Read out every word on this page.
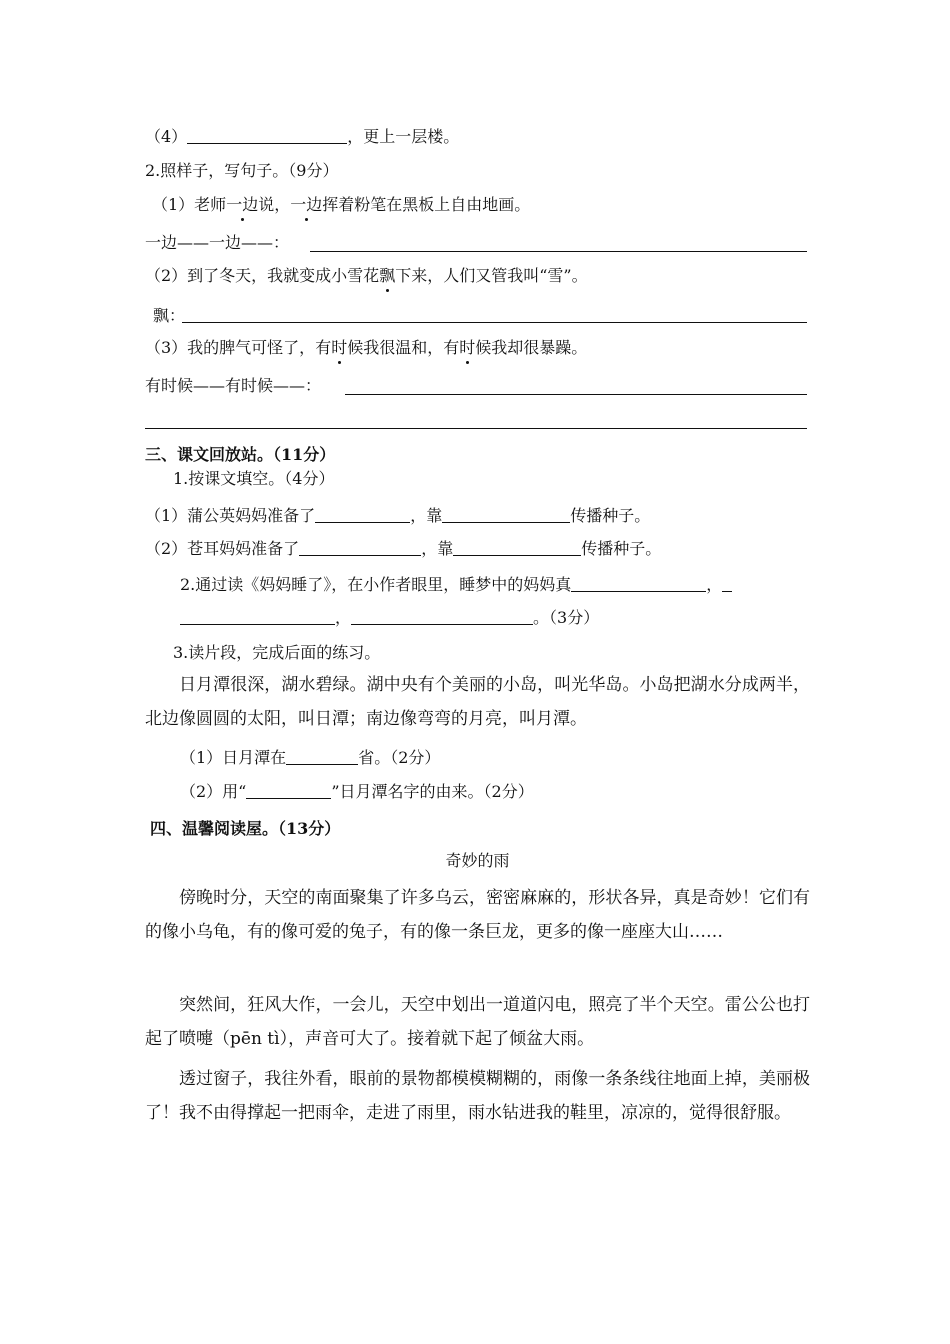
（4）	，更上一层楼。
2.照样子，写句子。（9分）
（1）老师一边说，一边挥着粉笔在黑板上自由地画。
一边——一边——：
（2）到了冬天，我就变成小雪花飘下来，人们又管我叫“雪”。
飘：
（3）我的脾气可怪了，有时候我很温和，有时候我却很暴躁。
有时候——有时候——：
三、课文回放站。（11分）
1.按课文填空。（4分）
（1）蒲公英妈妈准备了	，靠	传播种子。
（2）苍耳妈妈准备了	，靠	传播种子。
2.通过读《妈妈睡了》，在小作者眼里，睡梦中的妈妈真	，
，	。（3分）
3.读片段，完成后面的练习。
日月潭很深，湖水碧绿。湖中央有个美丽的小岛，叫光华岛。小岛把湖水分成两半，北边像圆圆的太阳，叫日潭；南边像弯弯的月亮，叫月潭。
（1）日月潭在	省。（2分）
（2）用“	”日月潭名字的由来。（2分）
四、温馨阅读屋。（13分）
奇妙的雨
傍晚时分，天空的南面聚集了许多乌云，密密麻麻的，形状各异，真是奇妙！它们有的像小乌龟，有的像可爱的兔子，有的像一条巨龙，更多的像一座座大山……
突然间，狂风大作，一会儿，天空中划出一道道闪电，照亮了半个天空。雷公公也打起了喷嚏（pēn tì），声音可大了。接着就下起了倾盆大雨。
透过窗子，我往外看，眼前的景物都模模糊糊的，雨像一条条线往地面上掉，美丽极了！我不由得撑起一把雨伞，走进了雨里，雨水钻进我的鞋里，凉凉的，觉得很舒服。
